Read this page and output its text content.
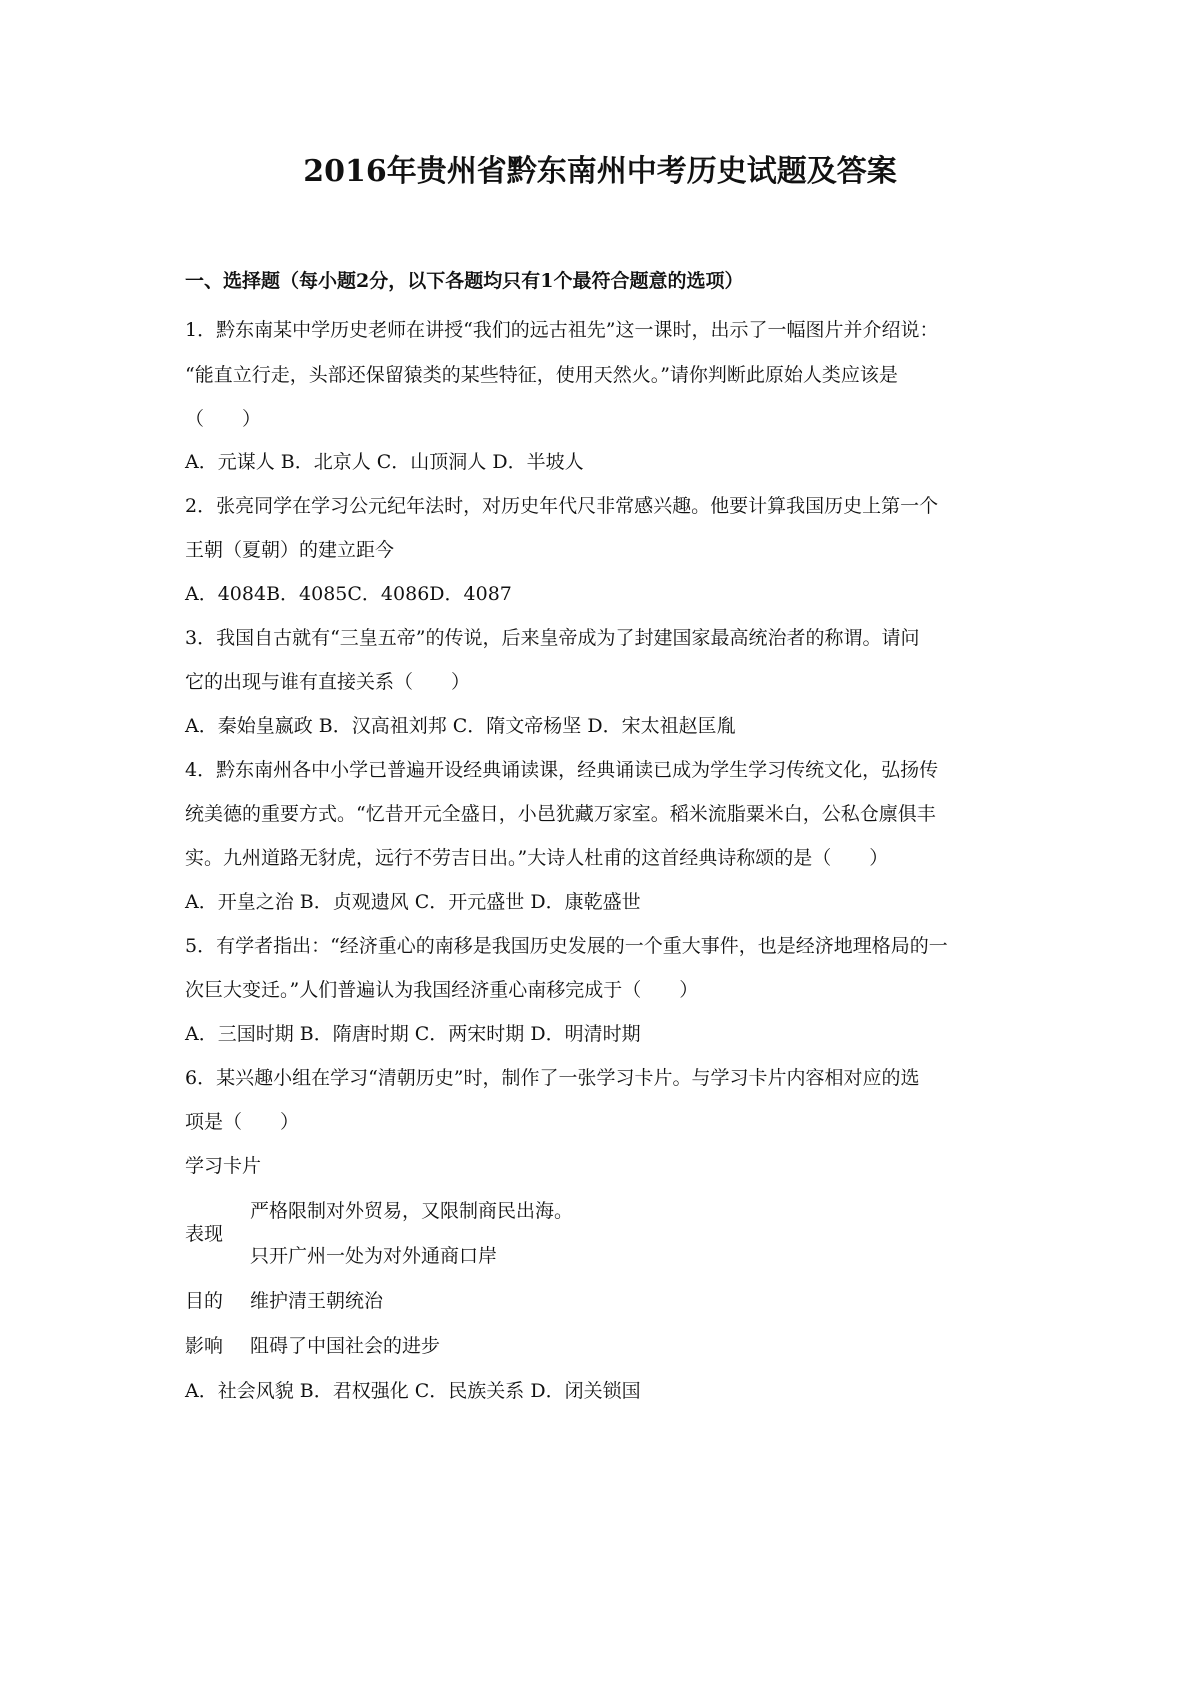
2016年贵州省黔东南州中考历史试题及答案
一、选择题（每小题2分，以下各题均只有1个最符合题意的选项）
1．黔东南某中学历史老师在讲授“我们的远古祖先”这一课时，出示了一幅图片并介绍说：
“能直立行走，头部还保留猿类的某些特征，使用天然火。”请你判断此原始人类应该是
（　　）
A．元谋人 B．北京人 C．山顶洞人 D．半坡人
2．张亮同学在学习公元纪年法时，对历史年代尺非常感兴趣。他要计算我国历史上第一个
王朝（夏朝）的建立距今
A．4084B．4085C．4086D．4087
3．我国自古就有“三皇五帝”的传说，后来皇帝成为了封建国家最高统治者的称谓。请问
它的出现与谁有直接关系（　　）
A．秦始皇嬴政 B．汉高祖刘邦 C．隋文帝杨坚 D．宋太祖赵匡胤
4．黔东南州各中小学已普遍开设经典诵读课，经典诵读已成为学生学习传统文化，弘扬传
统美德的重要方式。“忆昔开元全盛日，小邑犹藏万家室。稻米流脂粟米白，公私仓廪俱丰
实。九州道路无豺虎，远行不劳吉日出。”大诗人杜甫的这首经典诗称颂的是（　　）
A．开皇之治 B．贞观遗风 C．开元盛世 D．康乾盛世
5．有学者指出：“经济重心的南移是我国历史发展的一个重大事件，也是经济地理格局的一
次巨大变迁。”人们普遍认为我国经济重心南移完成于（　　）
A．三国时期 B．隋唐时期 C．两宋时期 D．明清时期
6．某兴趣小组在学习“清朝历史”时，制作了一张学习卡片。与学习卡片内容相对应的选
项是（　　）
学习卡片
表现
严格限制对外贸易，又限制商民出海。
只开广州一处为对外通商口岸
目的 维护清王朝统治
影响 阻碍了中国社会的进步
A．社会风貌 B．君权强化 C．民族关系 D．闭关锁国
